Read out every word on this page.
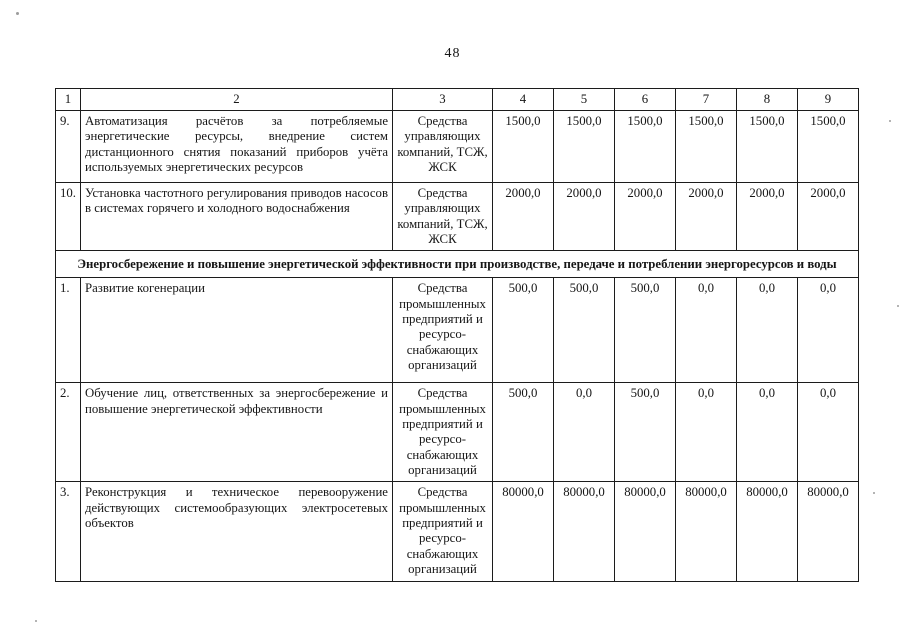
48
1	2	3	4	5	6	7	8	9
9.	Автоматизация расчётов за потребляемые энергетические ресурсы, внедрение систем дистанционного снятия показаний приборов учёта используемых энергетических ресурсов	Средства управляющих компаний, ТСЖ, ЖСК	1500,0	1500,0	1500,0	1500,0	1500,0	1500,0
10.	Установка частотного регулирования приводов насосов в системах горячего и холодного водоснабжения	Средства управляющих компаний, ТСЖ, ЖСК	2000,0	2000,0	2000,0	2000,0	2000,0	2000,0
Энергосбережение и повышение энергетической эффективности при производстве, передаче и потреблении энергоресурсов и воды								
1.	Развитие когенерации	Средства промышленных предприятий и ресурсо-снабжающих организаций	500,0	500,0	500,0	0,0	0,0	0,0
2.	Обучение лиц, ответственных за энергосбережение и повышение энергетической эффективности	Средства промышленных предприятий и ресурсо-снабжающих организаций	500,0	0,0	500,0	0,0	0,0	0,0
3.	Реконструкция и техническое перевооружение действующих системообразующих электросетевых объектов	Средства промышленных предприятий и ресурсо-снабжающих организаций	80000,0	80000,0	80000,0	80000,0	80000,0	80000,0
